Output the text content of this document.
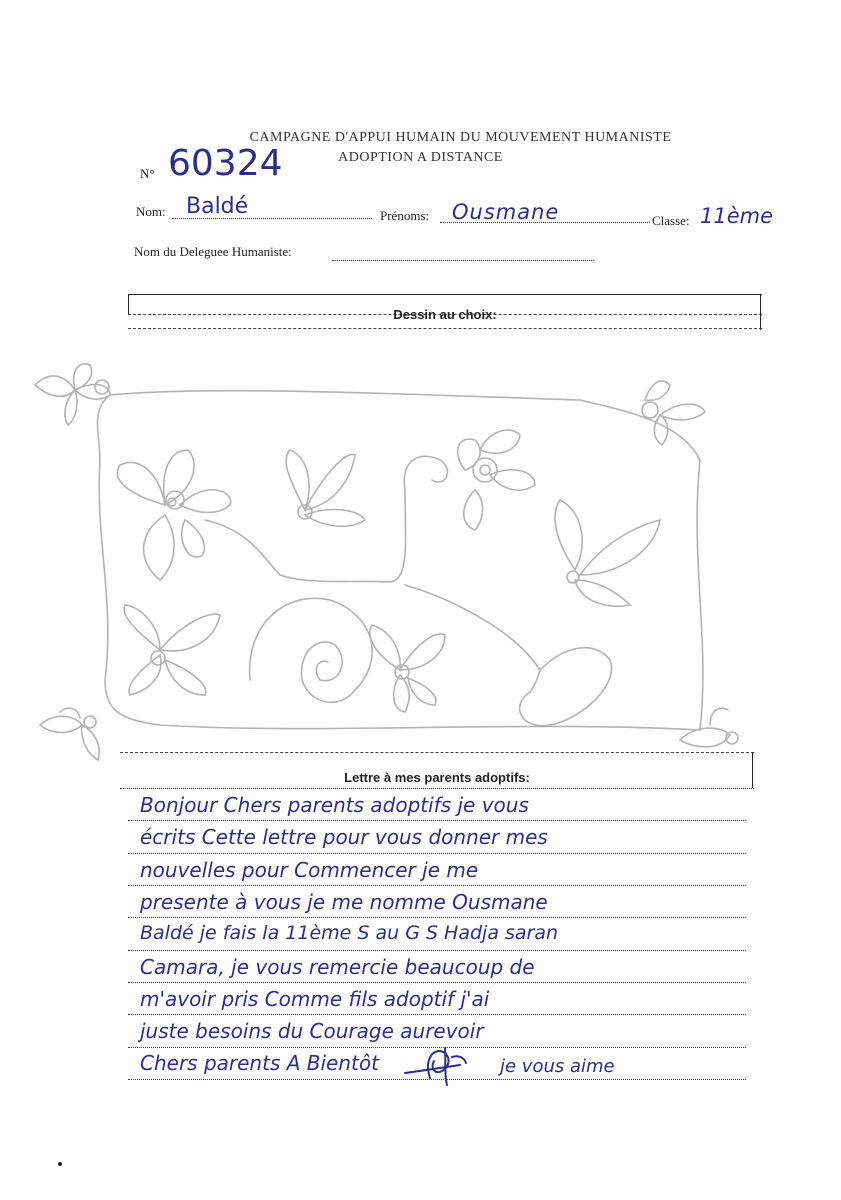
CAMPAGNE D'APPUI HUMAIN DU MOUVEMENT HUMANISTE
ADOPTION A DISTANCE
N° 60324
Nom: Baldé	Prénoms: Ousmane	Classe: 11ème
Nom du Deleguee Humaniste:
Dessin au choix:
Lettre à mes parents adoptifs:
Bonjour Chers parents adoptifs je vous
écrits Cette lettre pour vous donner mes
nouvelles pour Commencer je me
presente à vous je me nomme Ousmane
Baldé je fais la 11ème S au G S Hadja saran
Camara, je vous remercie beaucoup de
m'avoir pris Comme fils adoptif j'ai
juste besoins du Courage aurevoir
Chers parents A Bientôt	je vous aime
